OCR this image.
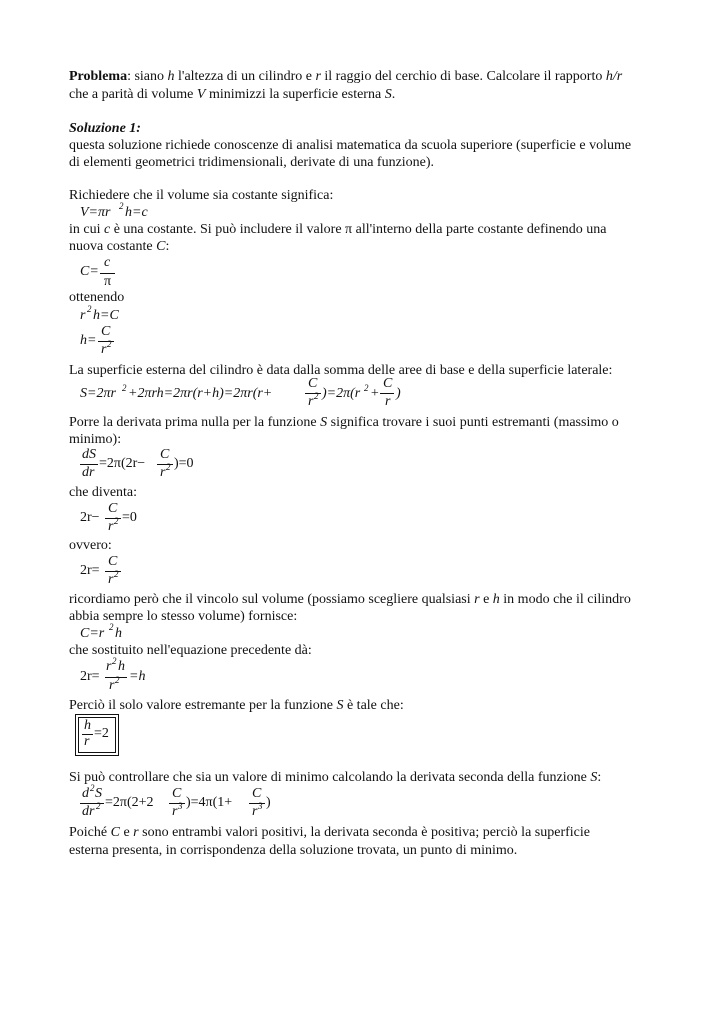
Problema: siano h l'altezza di un cilindro e r il raggio del cerchio di base. Calcolare il rapporto h/r
che a parità di volume V minimizzi la superficie esterna S.
Soluzione 1:
questa soluzione richiede conoscenze di analisi matematica da scuola superiore (superficie e volume
di elementi geometrici tridimensionali, derivate di una funzione).
Richiedere che il volume sia costante significa:
V=πr 2 h=c
in cui c è una costante. Si può includere il valore π all'interno della parte costante definendo una
nuova costante C:
C=
c
π
ottenendo
r 2 h=C
h=
C
r 2
La superficie esterna del cilindro è data dalla somma delle aree di base e della superficie laterale:
S=2πr 2 +2πrh=2πr(r+h)=2πr(r+
C
r 2 )=2π(r 2 +
C
r
)
Porre la derivata prima nulla per la funzione S significa trovare i suoi punti estremanti (massimo o
minimo):
dS
dr
=2π(2r−
C
r 2 )=0
che diventa:
2r−
C
r 2 =0
ovvero:
2r=
C
r 2
ricordiamo però che il vincolo sul volume (possiamo scegliere qualsiasi r e h in modo che il cilindro
abbia sempre lo stesso volume) fornisce:
C=r 2 h
che sostituito nell'equazione precedente dà:
2r=
r 2 h
r 2 =h
Perciò il solo valore estremante per la funzione S è tale che:
h
r
=2
Si può controllare che sia un valore di minimo calcolando la derivata seconda della funzione S:
d 2 S
dr 2 =2π(2+2
C
r 3 )=4π(1+
C
r 3 )
Poiché C e r sono entrambi valori positivi, la derivata seconda è positiva; perciò la superficie
esterna presenta, in corrispondenza della soluzione trovata, un punto di minimo.
